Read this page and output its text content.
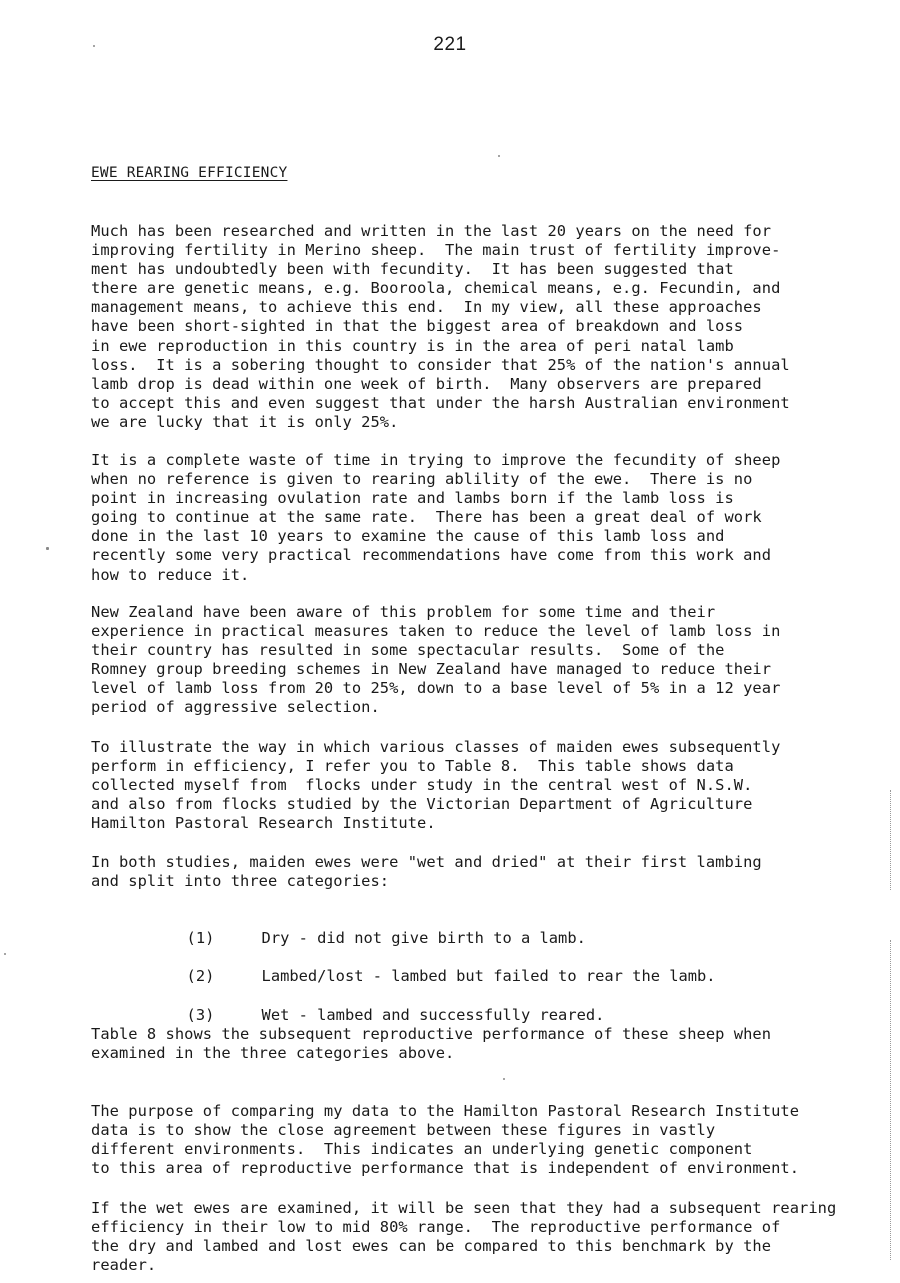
221
EWE REARING EFFICIENCY

Much has been researched and written in the last 20 years on the need for
improving fertility in Merino sheep.  The main trust of fertility improve-
ment has undoubtedly been with fecundity.  It has been suggested that
there are genetic means, e.g. Booroola, chemical means, e.g. Fecundin, and
management means, to achieve this end.  In my view, all these approaches
have been short-sighted in that the biggest area of breakdown and loss
in ewe reproduction in this country is in the area of peri natal lamb
loss.  It is a sobering thought to consider that 25% of the nation's annual
lamb drop is dead within one week of birth.  Many observers are prepared
to accept this and even suggest that under the harsh Australian environment
we are lucky that it is only 25%.

It is a complete waste of time in trying to improve the fecundity of sheep
when no reference is given to rearing ablility of the ewe.  There is no
point in increasing ovulation rate and lambs born if the lamb loss is
going to continue at the same rate.  There has been a great deal of work
done in the last 10 years to examine the cause of this lamb loss and
recently some very practical recommendations have come from this work and
how to reduce it.

New Zealand have been aware of this problem for some time and their
experience in practical measures taken to reduce the level of lamb loss in
their country has resulted in some spectacular results.  Some of the
Romney group breeding schemes in New Zealand have managed to reduce their
level of lamb loss from 20 to 25%, down to a base level of 5% in a 12 year
period of aggressive selection.

To illustrate the way in which various classes of maiden ewes subsequently
perform in efficiency, I refer you to Table 8.  This table shows data
collected myself from  flocks under study in the central west of N.S.W.
and also from flocks studied by the Victorian Department of Agriculture
Hamilton Pastoral Research Institute.

In both studies, maiden ewes were "wet and dried" at their first lambing
and split into three categories:

(1)	Dry - did not give birth to a lamb.

(2)	Lambed/lost - lambed but failed to rear the lamb.

(3)	Wet - lambed and successfully reared.

Table 8 shows the subsequent reproductive performance of these sheep when
examined in the three categories above.

The purpose of comparing my data to the Hamilton Pastoral Research Institute
data is to show the close agreement between these figures in vastly
different environments.  This indicates an underlying genetic component
to this area of reproductive performance that is independent of environment.

If the wet ewes are examined, it will be seen that they had a subsequent rearing
efficiency in their low to mid 80% range.  The reproductive performance of
the dry and lambed and lost ewes can be compared to this benchmark by the
reader.
